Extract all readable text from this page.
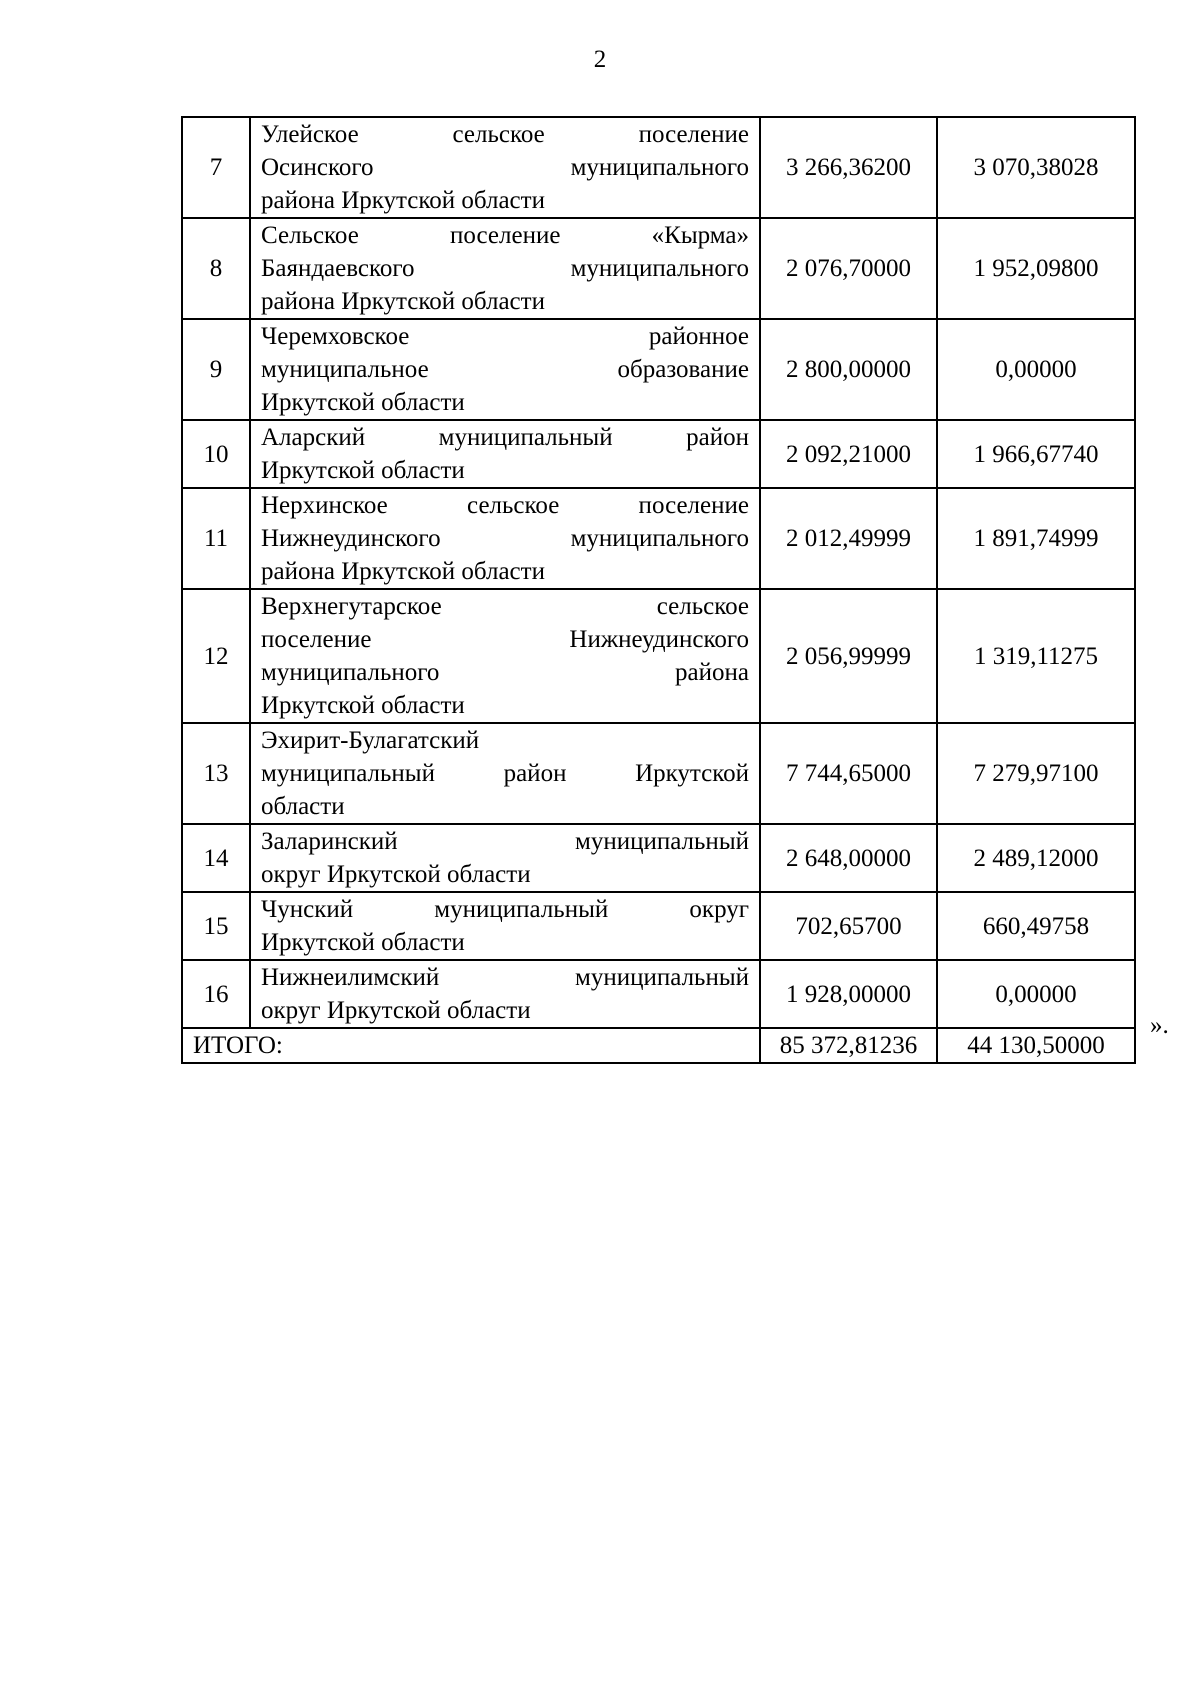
2
7	Улейское сельское поселение
Осинского муниципального
района Иркутской области	3 266,36200	3 070,38028
8	Сельское поселение «Кырма»
Баяндаевского муниципального
района Иркутской области	2 076,70000	1 952,09800
9	Черемховское районное
муниципальное образование
Иркутской области	2 800,00000	0,00000
10	Аларский муниципальный район
Иркутской области	2 092,21000	1 966,67740
11	Нерхинское сельское поселение
Нижнеудинского муниципального
района Иркутской области	2 012,49999	1 891,74999
12	Верхнегутарское сельское
поселение Нижнеудинского
муниципального района
Иркутской области	2 056,99999	1 319,11275
13	Эхирит-Булагатский
муниципальный район Иркутской
области	7 744,65000	7 279,97100
14	Заларинский муниципальный
округ Иркутской области	2 648,00000	2 489,12000
15	Чунский муниципальный округ
Иркутской области	702,65700	660,49758
16	Нижнеилимский муниципальный
округ Иркутской области	1 928,00000	0,00000
ИТОГО:		85 372,81236	44 130,50000
».
